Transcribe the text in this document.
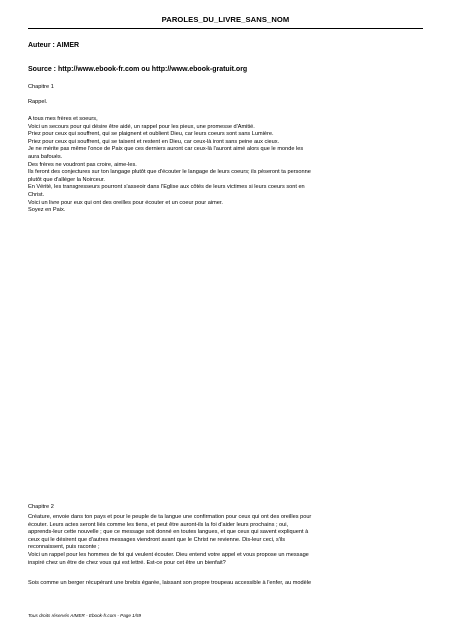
PAROLES_DU_LIVRE_SANS_NOM
Auteur : AIMER
Source : http://www.ebook-fr.com ou http://www.ebook-gratuit.org
Chapitre 1
Rappel.

A tous mes frères et soeurs,

Voici un secours pour qui désire être aidé, un rappel pour les pieux, une promesse d'Amitié.

Priez pour ceux qui souffrent, qui se plaignent et oublient Dieu, car leurs coeurs sont sans Lumière.

Priez pour ceux qui souffrent, qui se taisent et restent en Dieu, car ceux-là iront sans peine aux cieux.

Je ne mérite pas même l'once de Paix que ces derniers auront car ceux-là l'auront aimé alors que le monde les

aura bafoués.

Des frères ne voudront pas croire, aime-les.

Ils feront des conjectures sur ton langage plutôt que d'écouter le langage de leurs coeurs; ils pèseront ta personne

plutôt que d'alléger la Noirceur.

En Vérité, les transgresseurs pourront s'asseoir dans l'Eglise aux côtés de leurs victimes si leurs coeurs sont en

Christ.

Voici un livre pour eux qui ont des oreilles pour écouter et un coeur pour aimer.

Soyez en Paix.

Chapitre 2

Créature, envoie dans ton pays et pour le peuple de ta langue une confirmation pour ceux qui ont des oreilles pour

écouter. Leurs actes seront liés comme les tiens, et peut être auront-ils la foi d'aider leurs prochains ; oui,

apprends-leur cette nouvelle ; que ce message soit donné en toutes langues, et que ceux qui savent expliquent à

ceux qui le désirent que d'autres messages viendront avant que le Christ ne revienne. Dis-leur ceci, s'ils

reconnaissent, puis raconte ;

Voici un rappel pour les hommes de foi qui veulent écouter. Dieu entend votre appel et vous propose un message

inspiré chez un être de chez vous qui est lettré. Est-ce pour cet être un bienfait?

Sois comme un berger récupérant une brebis égarée, laissant son propre troupeau accessible à l'enfer, au modèle

Tous droits réservés AIMER - Ebook-fr.com - Page 1/59
